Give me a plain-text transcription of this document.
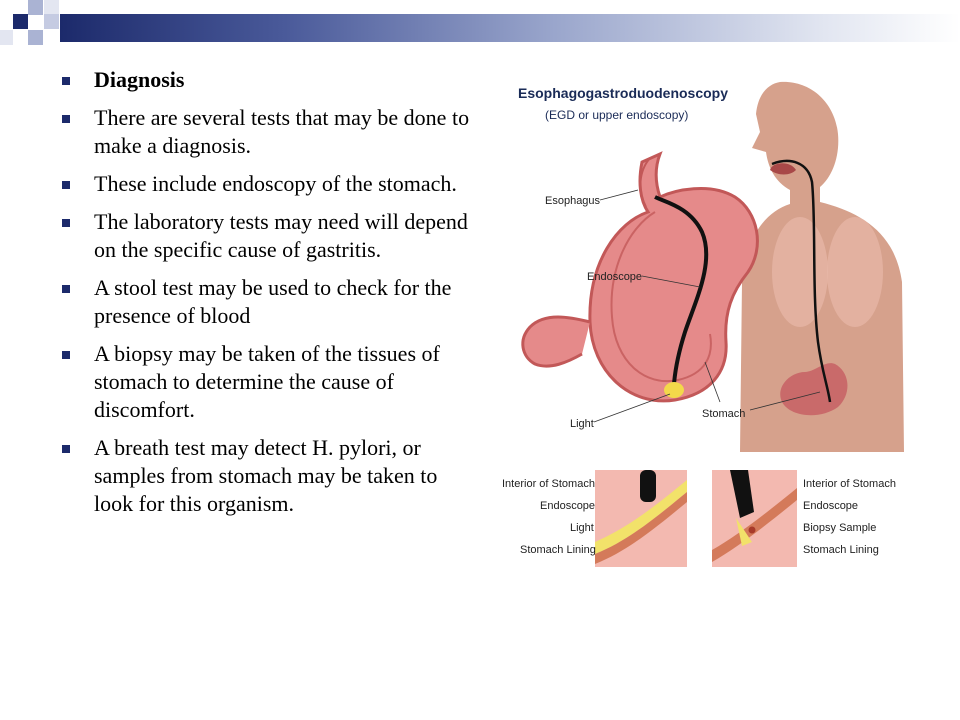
Diagnosis
There are several tests that may be done to make a diagnosis.
These include endoscopy of the stomach.
The laboratory tests may need will depend on the specific cause of gastritis.
A stool test may be used to check for the presence of blood
A biopsy may be taken of the tissues of stomach to determine the cause of discomfort.
A breath test may detect H. pylori, or samples from stomach may be taken to look for this organism.
Esophagogastroduodenoscopy
(EGD or upper endoscopy)
Esophagus
Endoscope
Light
Stomach
Interior of Stomach
Endoscope
Light
Stomach Lining
Interior of Stomach
Endoscope
Biopsy Sample
Stomach Lining
